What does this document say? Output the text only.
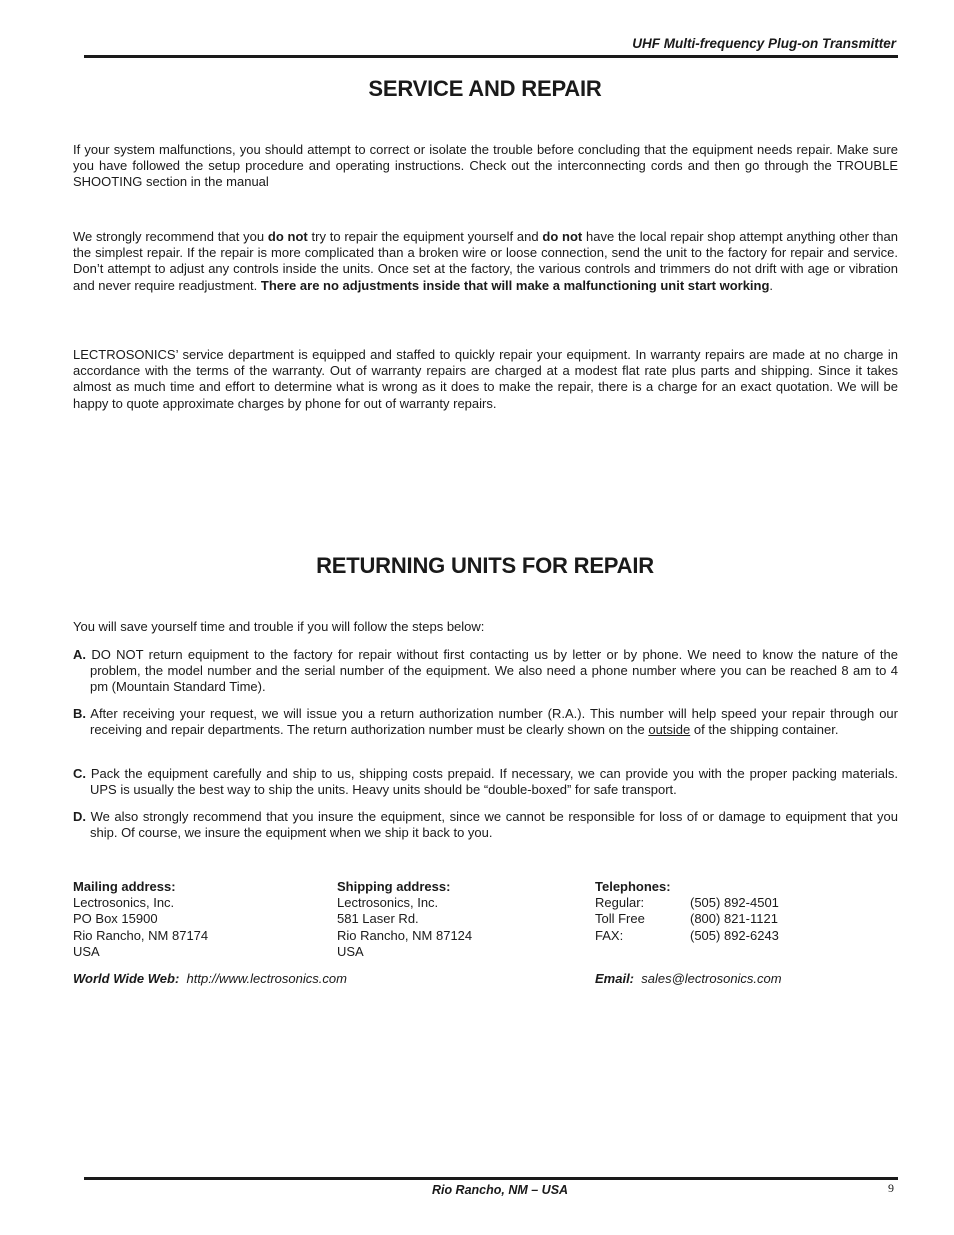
UHF Multi-frequency Plug-on Transmitter
SERVICE AND REPAIR
If your system malfunctions, you should attempt to correct or isolate the trouble before concluding that the equipment needs repair. Make sure you have followed the setup procedure and operating instructions. Check out the interconnecting cords and then go through the TROUBLE SHOOTING section in the manual
We strongly recommend that you do not try to repair the equipment yourself and do not have the local repair shop attempt anything other than the simplest repair. If the repair is more complicated than a broken wire or loose connection, send the unit to the factory for repair and service. Don’t attempt to adjust any controls inside the units. Once set at the factory, the various controls and trimmers do not drift with age or vibration and never require readjustment. There are no adjustments inside that will make a malfunctioning unit start working.
LECTROSONICS’ service department is equipped and staffed to quickly repair your equipment. In warranty repairs are made at no charge in accordance with the terms of the warranty. Out of warranty repairs are charged at a modest flat rate plus parts and shipping. Since it takes almost as much time and effort to determine what is wrong as it does to make the repair, there is a charge for an exact quotation. We will be happy to quote approximate charges by phone for out of warranty repairs.
RETURNING UNITS FOR REPAIR
You will save yourself time and trouble if you will follow the steps below:
A. DO NOT return equipment to the factory for repair without first contacting us by letter or by phone. We need to know the nature of the problem, the model number and the serial number of the equipment. We also need a phone number where you can be reached 8 am to 4 pm (Mountain Standard Time).
B. After receiving your request, we will issue you a return authorization number (R.A.). This number will help speed your repair through our receiving and repair departments. The return authorization number must be clearly shown on the outside of the shipping container.
C. Pack the equipment carefully and ship to us, shipping costs prepaid. If necessary, we can provide you with the proper packing materials. UPS is usually the best way to ship the units. Heavy units should be “double-boxed” for safe transport.
D. We also strongly recommend that you insure the equipment, since we cannot be responsible for loss of or damage to equipment that you ship. Of course, we insure the equipment when we ship it back to you.
Mailing address:
Lectrosonics, Inc.
PO Box 15900
Rio Rancho, NM 87174
USA
Shipping address:
Lectrosonics, Inc.
581 Laser Rd.
Rio Rancho, NM 87124
USA
Telephones:
Regular:	(505) 892-4501
Toll Free	(800) 821-1121
FAX:	(505) 892-6243
World Wide Web: http://www.lectrosonics.com	Email: sales@lectrosonics.com
Rio Rancho, NM – USA	9
